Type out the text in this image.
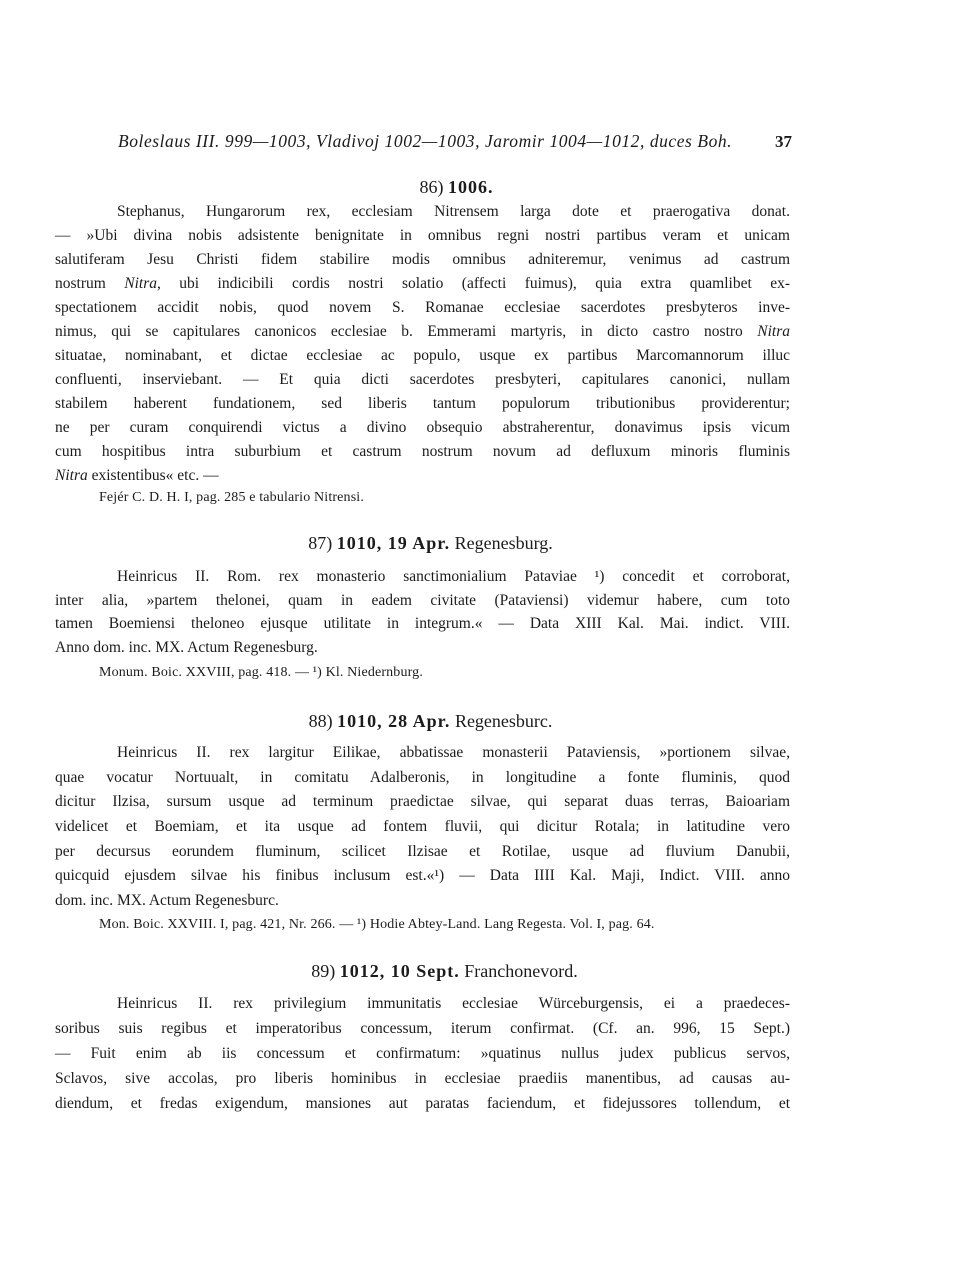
Boleslaus III. 999—1003, Vladivoj 1002—1003, Jaromir 1004—1012, duces Boh.	37
86) 1006.
Stephanus, Hungarorum rex, ecclesiam Nitrensem larga dote et praerogativa donat.
— »Ubi divina nobis adsistente benignitate in omnibus regni nostri partibus veram et unicam
salutiferam Jesu Christi fidem stabilire modis omnibus adniteremur, venimus ad castrum
nostrum Nitra, ubi indicibili cordis nostri solatio (affecti fuimus), quia extra quamlibet ex-
spectationem accidit nobis, quod novem S. Romanae ecclesiae sacerdotes presbyteros inve-
nimus, qui se capitulares canonicos ecclesiae b. Emmerami martyris, in dicto castro nostro Nitra
situatae, nominabant, et dictae ecclesiae ac populo, usque ex partibus Marcomannorum illuc
confluenti, inserviebant. — Et quia dicti sacerdotes presbyteri, capitulares canonici, nullam
stabilem haberent fundationem, sed liberis tantum populorum tributionibus providerentur;
ne per curam conquirendi victus a divino obsequio abstraherentur, donavimus ipsis vicum
cum hospitibus intra suburbium et castrum nostrum novum ad defluxum minoris fluminis
Nitra existentibus« etc. —
Fejér C. D. H. I, pag. 285 e tabulario Nitrensi.
87) 1010, 19 Apr. Regenesburg.
Heinricus II. Rom. rex monasterio sanctimonialium Pataviae ¹) concedit et corroborat,
inter alia, »partem thelonei, quam in eadem civitate (Pataviensi) videmur habere, cum toto
tamen Boemiensi theloneo ejusque utilitate in integrum.« — Data XIII Kal. Mai. indict. VIII.
Anno dom. inc. MX. Actum Regenesburg.
Monum. Boic. XXVIII, pag. 418. — ¹) Kl. Niedernburg.
88) 1010, 28 Apr. Regenesburc.
Heinricus II. rex largitur Eilikae, abbatissae monasterii Pataviensis, »portionem silvae,
quae vocatur Nortuualt, in comitatu Adalberonis, in longitudine a fonte fluminis, quod
dicitur Ilzisa, sursum usque ad terminum praedictae silvae, qui separat duas terras, Baioariam
videlicet et Boemiam, et ita usque ad fontem fluvii, qui dicitur Rotala; in latitudine vero
per decursus eorundem fluminum, scilicet Ilzisae et Rotilae, usque ad fluvium Danubii,
quicquid ejusdem silvae his finibus inclusum est.«¹) — Data IIII Kal. Maji, Indict. VIII. anno
dom. inc. MX. Actum Regenesburc.
Mon. Boic. XXVIII. I, pag. 421, Nr. 266. — ¹) Hodie Abtey-Land. Lang Regesta. Vol. I, pag. 64.
89) 1012, 10 Sept. Franchonevord.
Heinricus II. rex privilegium immunitatis ecclesiae Würceburgensis, ei a praedeces-
soribus suis regibus et imperatoribus concessum, iterum confirmat. (Cf. an. 996, 15 Sept.)
— Fuit enim ab iis concessum et confirmatum: »quatinus nullus judex publicus servos,
Sclavos, sive accolas, pro liberis hominibus in ecclesiae praediis manentibus, ad causas au-
diendum, et fredas exigendum, mansiones aut paratas faciendum, et fidejussores tollendum, et
